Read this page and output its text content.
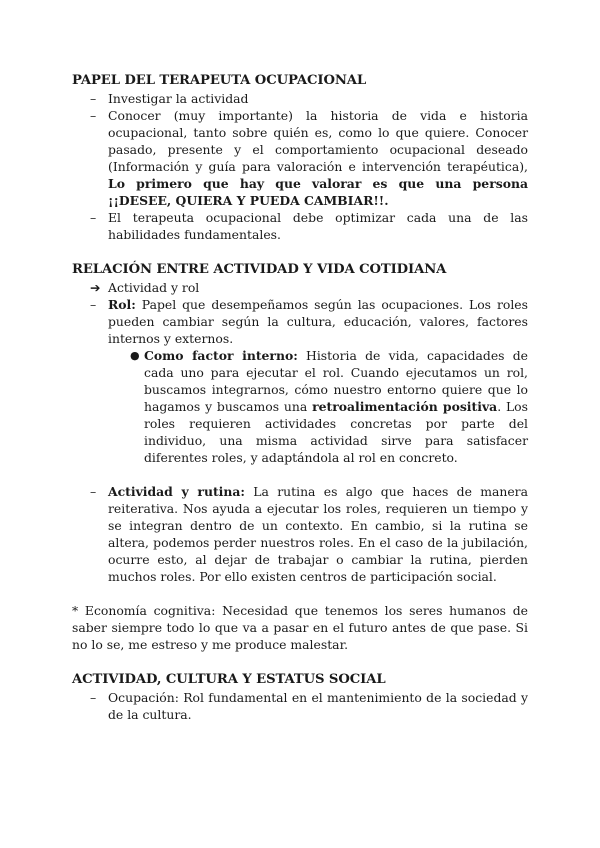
PAPEL DEL TERAPEUTA OCUPACIONAL
– Investigar la actividad
– Conocer (muy importante) la historia de vida e historia ocupacional, tanto sobre quién es, como lo que quiere. Conocer pasado, presente y el comportamiento ocupacional deseado (Información y guía para valoración e intervención terapéutica), Lo primero que hay que valorar es que una persona ¡¡DESEE, QUIERA Y PUEDA CAMBIAR!!.
– El terapeuta ocupacional debe optimizar cada una de las habilidades fundamentales.
RELACIÓN ENTRE ACTIVIDAD Y VIDA COTIDIANA
➔ Actividad y rol
– Rol: Papel que desempeñamos según las ocupaciones. Los roles pueden cambiar según la cultura, educación, valores, factores internos y externos.
● Como factor interno: Historia de vida, capacidades de cada uno para ejecutar el rol. Cuando ejecutamos un rol, buscamos integrarnos, cómo nuestro entorno quiere que lo hagamos y buscamos una retroalimentación positiva. Los roles requieren actividades concretas por parte del individuo, una misma actividad sirve para satisfacer diferentes roles, y adaptándola al rol en concreto.
– Actividad y rutina: La rutina es algo que haces de manera reiterativa. Nos ayuda a ejecutar los roles, requieren un tiempo y se integran dentro de un contexto. En cambio, si la rutina se altera, podemos perder nuestros roles. En el caso de la jubilación, ocurre esto, al dejar de trabajar o cambiar la rutina, pierden muchos roles. Por ello existen centros de participación social.

* Economía cognitiva: Necesidad que tenemos los seres humanos de saber siempre todo lo que va a pasar en el futuro antes de que pase. Si no lo se, me estreso y me produce malestar.

ACTIVIDAD, CULTURA Y ESTATUS SOCIAL
– Ocupación: Rol fundamental en el mantenimiento de la sociedad y de la cultura.
